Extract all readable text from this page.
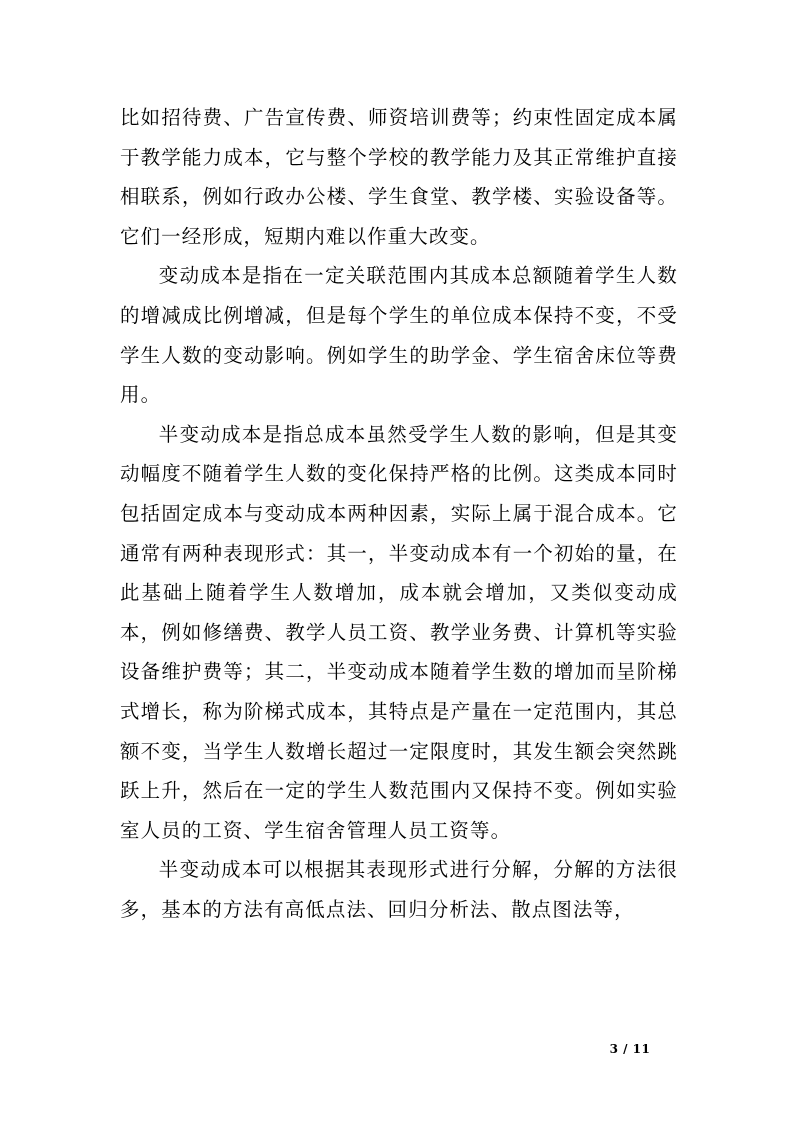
比如招待费、广告宣传费、师资培训费等；约束性固定成本属于教学能力成本，它与整个学校的教学能力及其正常维护直接相联系，例如行政办公楼、学生食堂、教学楼、实验设备等。它们一经形成，短期内难以作重大改变。

变动成本是指在一定关联范围内其成本总额随着学生人数的增减成比例增减，但是每个学生的单位成本保持不变，不受学生人数的变动影响。例如学生的助学金、学生宿舍床位等费用。

半变动成本是指总成本虽然受学生人数的影响，但是其变动幅度不随着学生人数的变化保持严格的比例。这类成本同时包括固定成本与变动成本两种因素，实际上属于混合成本。它通常有两种表现形式：其一，半变动成本有一个初始的量，在此基础上随着学生人数增加，成本就会增加，又类似变动成本，例如修缮费、教学人员工资、教学业务费、计算机等实验设备维护费等；其二，半变动成本随着学生数的增加而呈阶梯式增长，称为阶梯式成本，其特点是产量在一定范围内，其总额不变，当学生人数增长超过一定限度时，其发生额会突然跳跃上升，然后在一定的学生人数范围内又保持不变。例如实验室人员的工资、学生宿舍管理人员工资等。

半变动成本可以根据其表现形式进行分解，分解的方法很多，基本的方法有高低点法、回归分析法、散点图法等，

3 / 11
